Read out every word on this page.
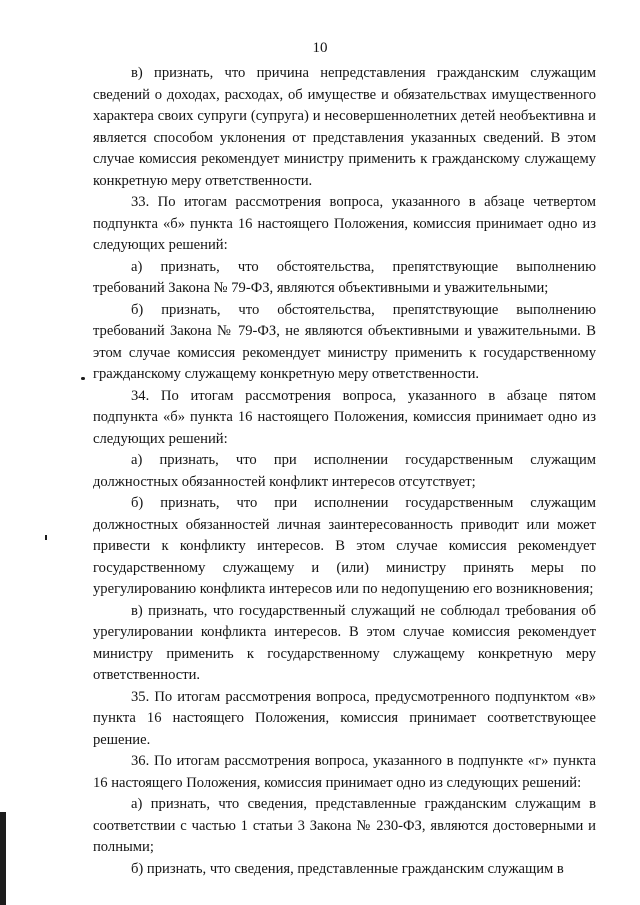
10

в) признать, что причина непредставления гражданским служащим сведений о доходах, расходах, об имуществе и обязательствах имущественного характера своих супруги (супруга) и несовершеннолетних детей необъективна и является способом уклонения от представления указанных сведений. В этом случае комиссия рекомендует министру применить к гражданскому служащему конкретную меру ответственности.

33. По итогам рассмотрения вопроса, указанного в абзаце четвертом подпункта «б» пункта 16 настоящего Положения, комиссия принимает одно из следующих решений:

а) признать, что обстоятельства, препятствующие выполнению требований Закона № 79-ФЗ, являются объективными и уважительными;

б) признать, что обстоятельства, препятствующие выполнению требований Закона № 79-ФЗ, не являются объективными и уважительными. В этом случае комиссия рекомендует министру применить к государственному гражданскому служащему конкретную меру ответственности.

34. По итогам рассмотрения вопроса, указанного в абзаце пятом подпункта «б» пункта 16 настоящего Положения, комиссия принимает одно из следующих решений:

а) признать, что при исполнении государственным служащим должностных обязанностей конфликт интересов отсутствует;

б) признать, что при исполнении государственным служащим должностных обязанностей личная заинтересованность приводит или может привести к конфликту интересов. В этом случае комиссия рекомендует государственному служащему и (или) министру принять меры по урегулированию конфликта интересов или по недопущению его возникновения;

в) признать, что государственный служащий не соблюдал требования об урегулировании конфликта интересов. В этом случае комиссия рекомендует министру применить к государственному служащему конкретную меру ответственности.

35. По итогам рассмотрения вопроса, предусмотренного подпунктом «в» пункта 16 настоящего Положения, комиссия принимает соответствующее решение.

36. По итогам рассмотрения вопроса, указанного в подпункте «г» пункта 16 настоящего Положения, комиссия принимает одно из следующих решений:

а) признать, что сведения, представленные гражданским служащим в соответствии с частью 1 статьи 3 Закона № 230-ФЗ, являются достоверными и полными;

б) признать, что сведения, представленные гражданским служащим в
